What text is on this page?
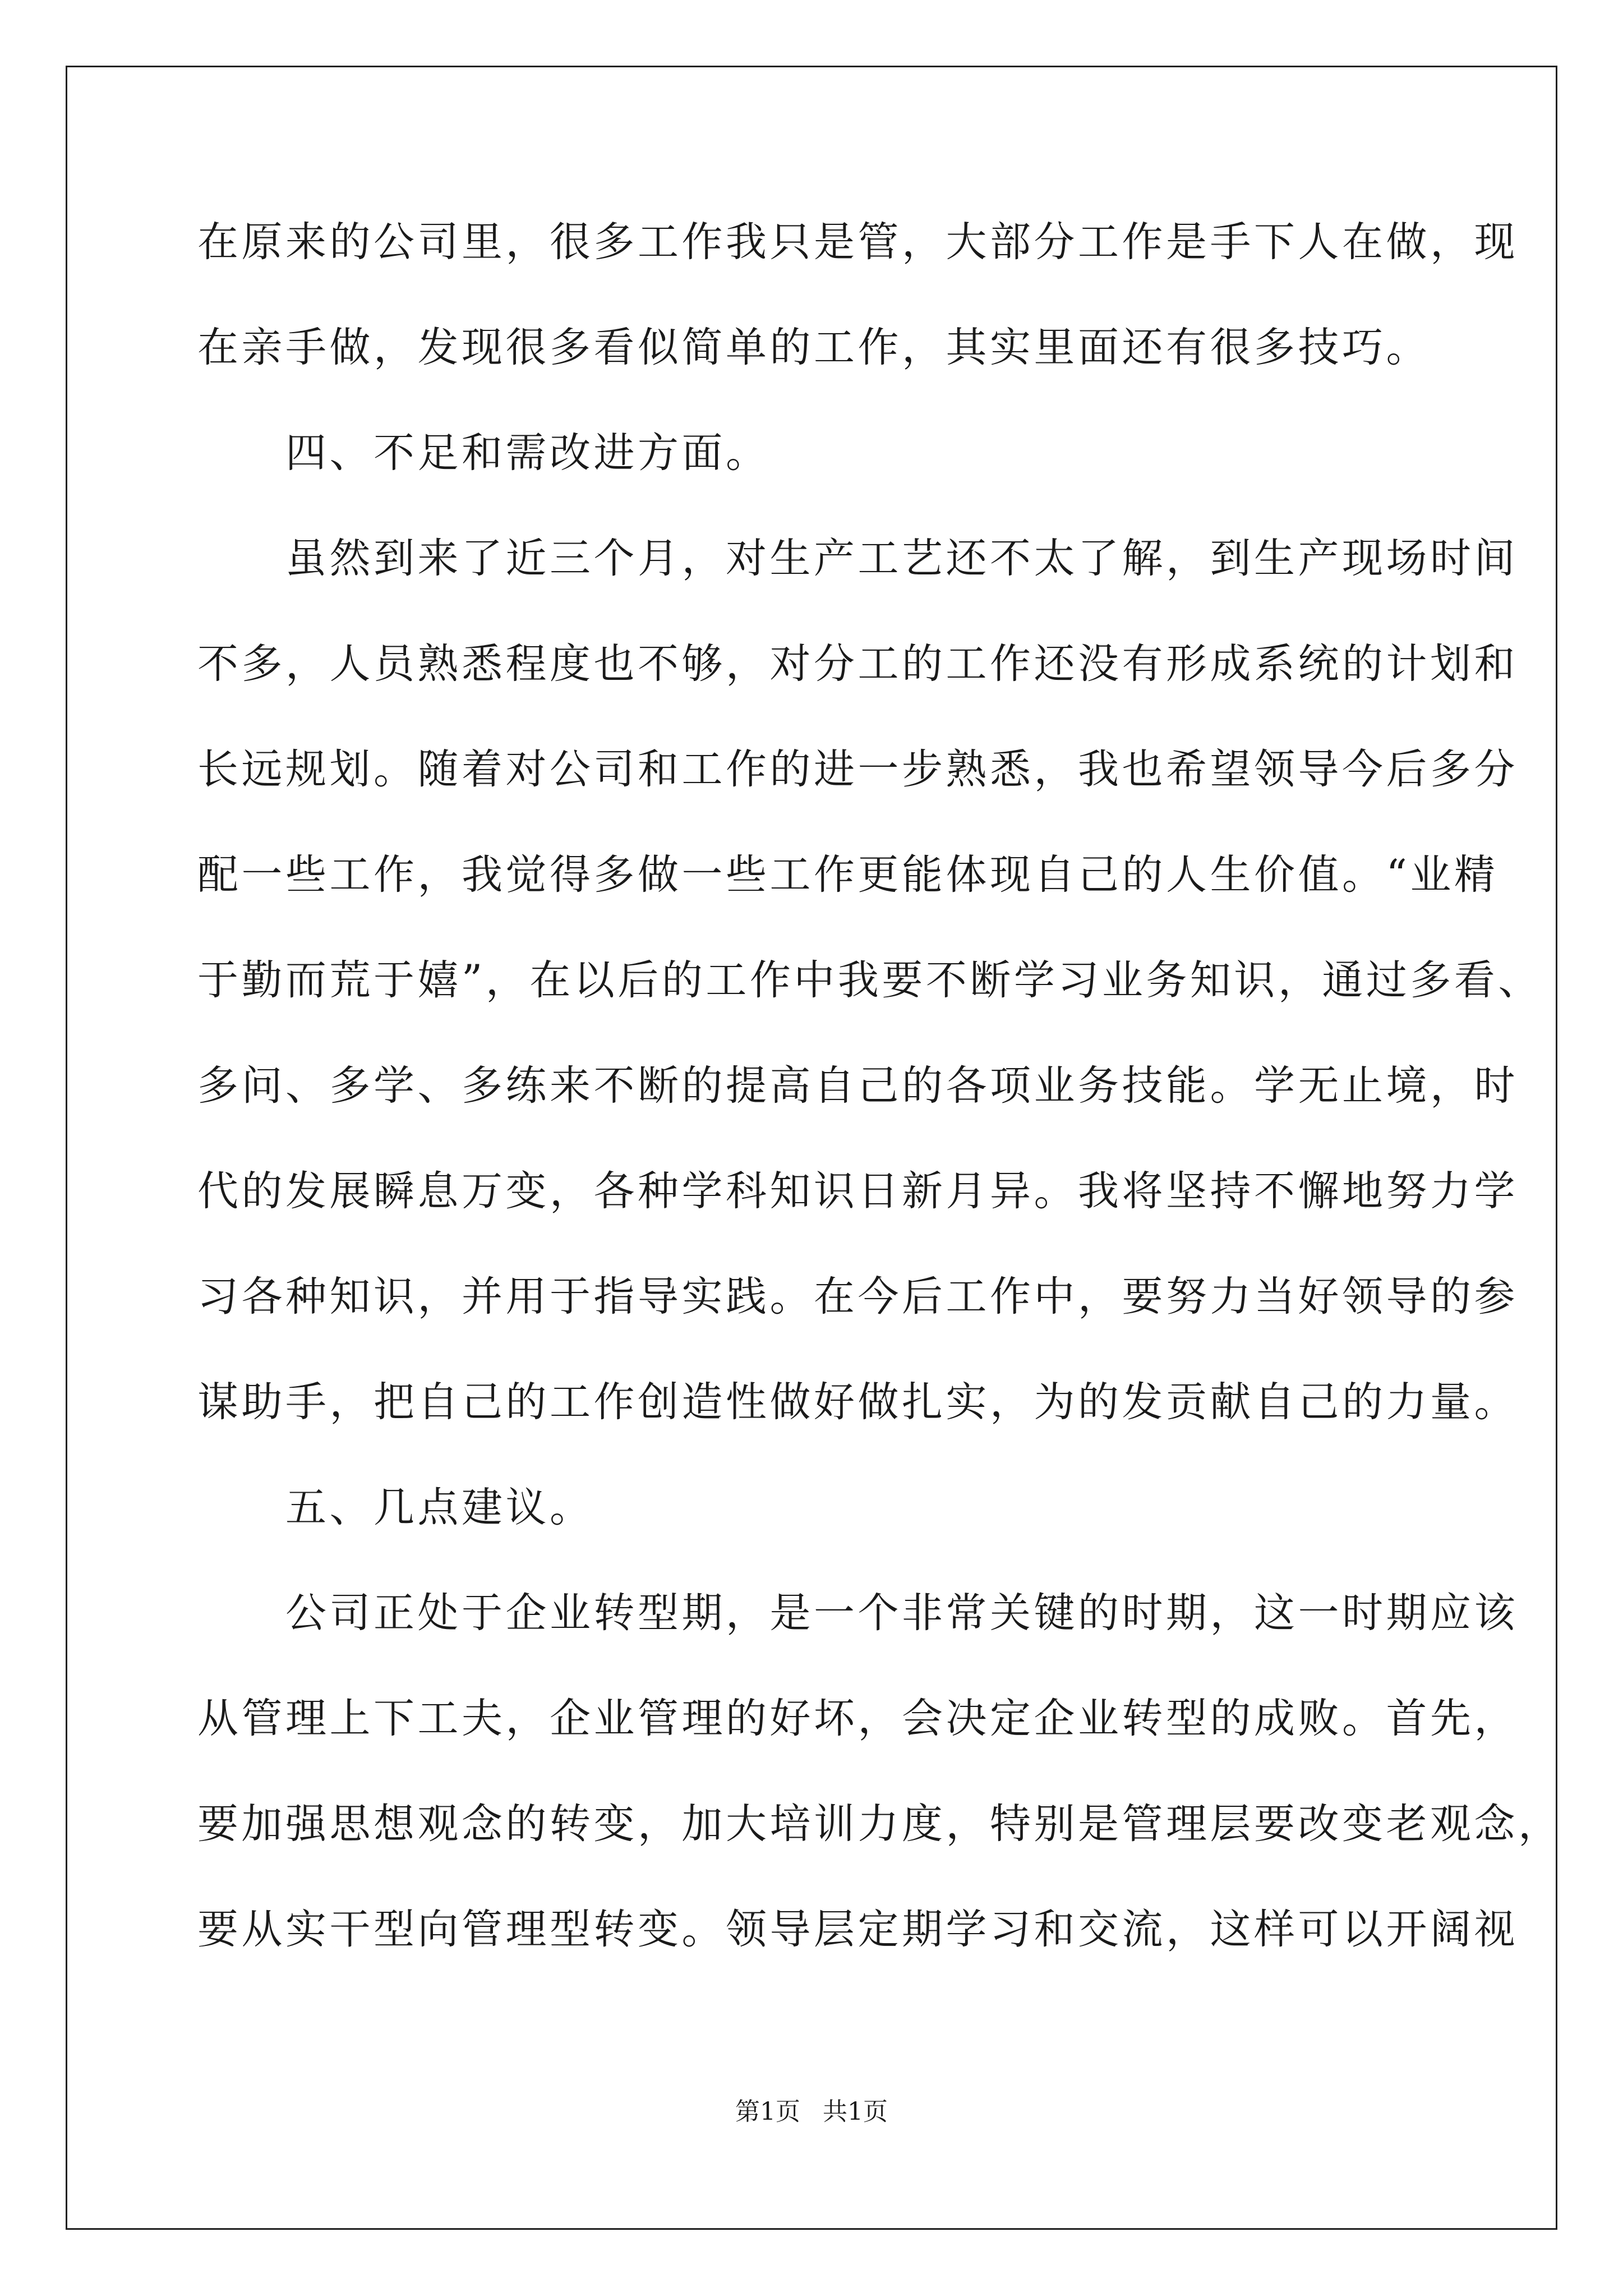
在原来的公司里，很多工作我只是管，大部分工作是手下人在做，现
在亲手做，发现很多看似简单的工作，其实里面还有很多技巧。
　　四、不足和需改进方面。
　　虽然到来了近三个月，对生产工艺还不太了解，到生产现场时间
不多，人员熟悉程度也不够，对分工的工作还没有形成系统的计划和
长远规划。随着对公司和工作的进一步熟悉，我也希望领导今后多分
配一些工作，我觉得多做一些工作更能体现自己的人生价值。“业精
于勤而荒于嬉”，在以后的工作中我要不断学习业务知识，通过多看、
多问、多学、多练来不断的提高自己的各项业务技能。学无止境，时
代的发展瞬息万变，各种学科知识日新月异。我将坚持不懈地努力学
习各种知识，并用于指导实践。在今后工作中，要努力当好领导的参
谋助手，把自己的工作创造性做好做扎实，为的发贡献自己的力量。
　　五、几点建议。
　　公司正处于企业转型期，是一个非常关键的时期，这一时期应该
从管理上下工夫，企业管理的好坏，会决定企业转型的成败。首先，
要加强思想观念的转变，加大培训力度，特别是管理层要改变老观念，
要从实干型向管理型转变。领导层定期学习和交流，这样可以开阔视
第1页 共1页
